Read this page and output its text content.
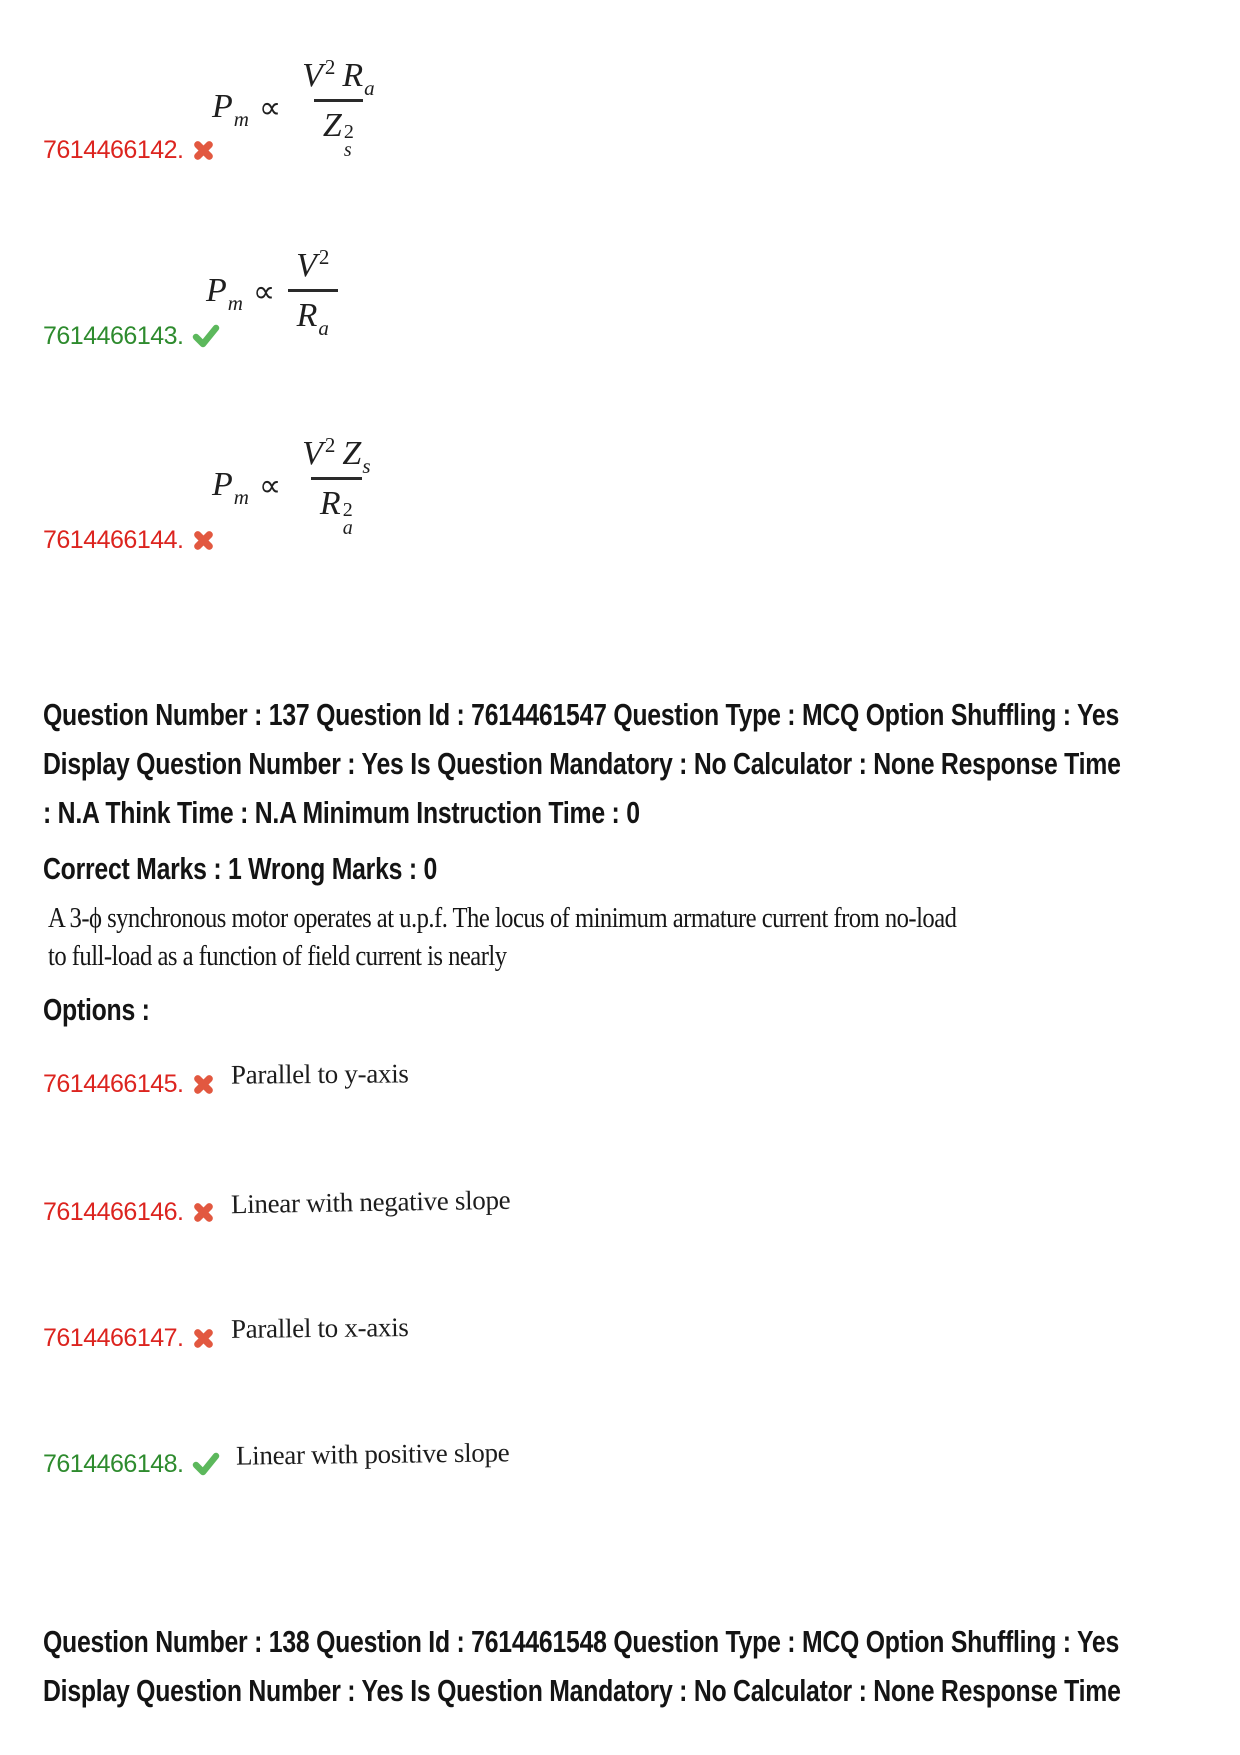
$P_m \propto V^2$ $R_a$
Z 2
s
7614466142.
$P_m \propto \frac{V^2}{R_a}$
7614466143.
$P_m \propto V^2$ $Z_s$
R 2
a
7614466144.
Question Number : 137 Question Id : 7614461547 Question Type : MCQ Option Shuffling : Yes
Display Question Number : Yes Is Question Mandatory : No Calculator : None Response Time
: N.A Think Time : N.A Minimum Instruction Time : 0
Correct Marks : 1 Wrong Marks : 0
A 3-ϕ synchronous motor operates at u.p.f. The locus of minimum armature current from no-load
to full-load as a function of field current is nearly
Options :
7614466145. Parallel to y-axis
7614466146. Linear with negative slope
7614466147. Parallel to x-axis
7614466148. Linear with positive slope
Question Number : 138 Question Id : 7614461548 Question Type : MCQ Option Shuffling : Yes
Display Question Number : Yes Is Question Mandatory : No Calculator : None Response Time
